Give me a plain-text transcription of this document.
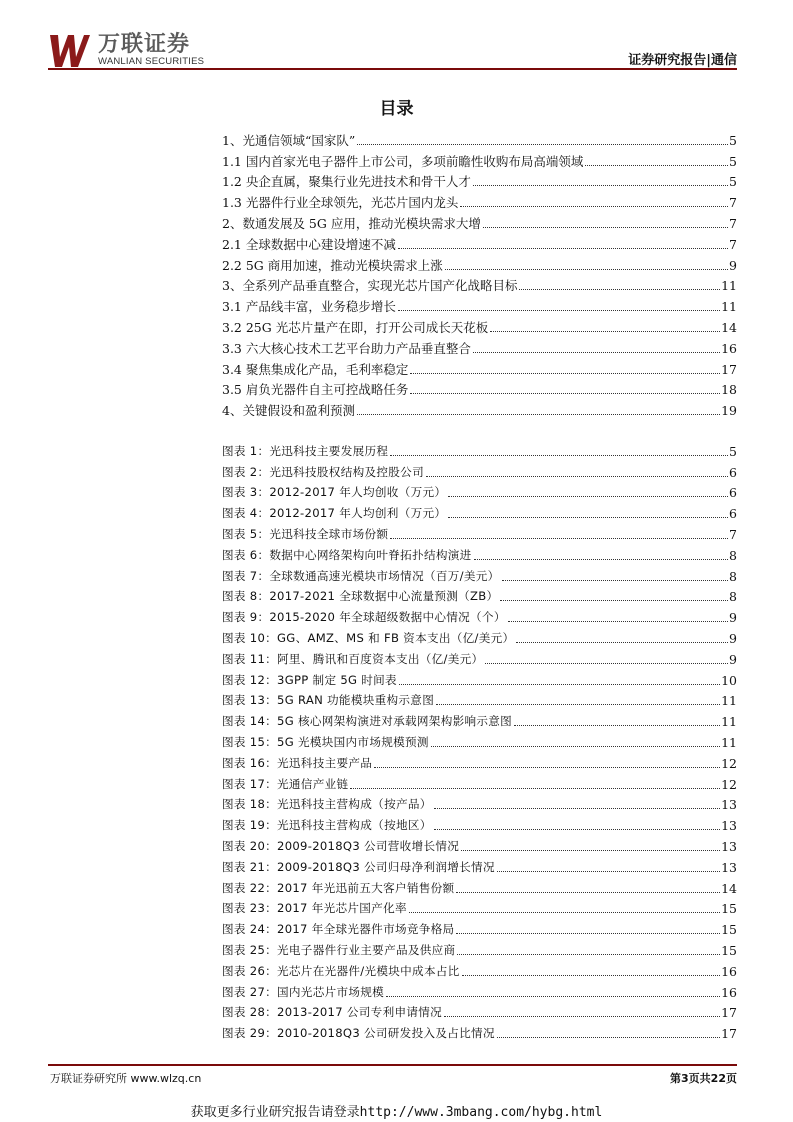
万联证券
WANLIAN SECURITIES	证券研究报告|通信
目录
1、光通信领域“国家队”	5
1.1 国内首家光电子器件上市公司，多项前瞻性收购布局高端领域	5
1.2 央企直属，聚集行业先进技术和骨干人才	5
1.3 光器件行业全球领先，光芯片国内龙头	7
2、数通发展及 5G 应用，推动光模块需求大增	7
2.1 全球数据中心建设增速不减	7
2.2 5G 商用加速，推动光模块需求上涨	9
3、全系列产品垂直整合，实现光芯片国产化战略目标	11
3.1 产品线丰富，业务稳步增长	11
3.2 25G 光芯片量产在即，打开公司成长天花板	14
3.3 六大核心技术工艺平台助力产品垂直整合	16
3.4 聚焦集成化产品，毛利率稳定	17
3.5 肩负光器件自主可控战略任务	18
4、关键假设和盈利预测	19
图表 1：光迅科技主要发展历程	5
图表 2：光迅科技股权结构及控股公司	6
图表 3：2012-2017 年人均创收（万元）	6
图表 4：2012-2017 年人均创利（万元）	6
图表 5：光迅科技全球市场份额	7
图表 6：数据中心网络架构向叶脊拓扑结构演进	8
图表 7：全球数通高速光模块市场情况（百万/美元）	8
图表 8：2017-2021 全球数据中心流量预测（ZB）	8
图表 9：2015-2020 年全球超级数据中心情况（个）	9
图表 10：GG、AMZ、MS 和 FB 资本支出（亿/美元）	9
图表 11：阿里、腾讯和百度资本支出（亿/美元）	9
图表 12：3GPP 制定 5G 时间表	10
图表 13：5G RAN 功能模块重构示意图	11
图表 14：5G 核心网架构演进对承载网架构影响示意图	11
图表 15：5G 光模块国内市场规模预测	11
图表 16：光迅科技主要产品	12
图表 17：光通信产业链	12
图表 18：光迅科技主营构成（按产品）	13
图表 19：光迅科技主营构成（按地区）	13
图表 20：2009-2018Q3 公司营收增长情况	13
图表 21：2009-2018Q3 公司归母净利润增长情况	13
图表 22：2017 年光迅前五大客户销售份额	14
图表 23：2017 年光芯片国产化率	15
图表 24：2017 年全球光器件市场竞争格局	15
图表 25：光电子器件行业主要产品及供应商	15
图表 26：光芯片在光器件/光模块中成本占比	16
图表 27：国内光芯片市场规模	16
图表 28：2013-2017 公司专利申请情况	17
图表 29：2010-2018Q3 公司研发投入及占比情况	17
万联证券研究所 www.wlzq.cn	第3页共22页
获取更多行业研究报告请登录http://www.3mbang.com/hybg.html
